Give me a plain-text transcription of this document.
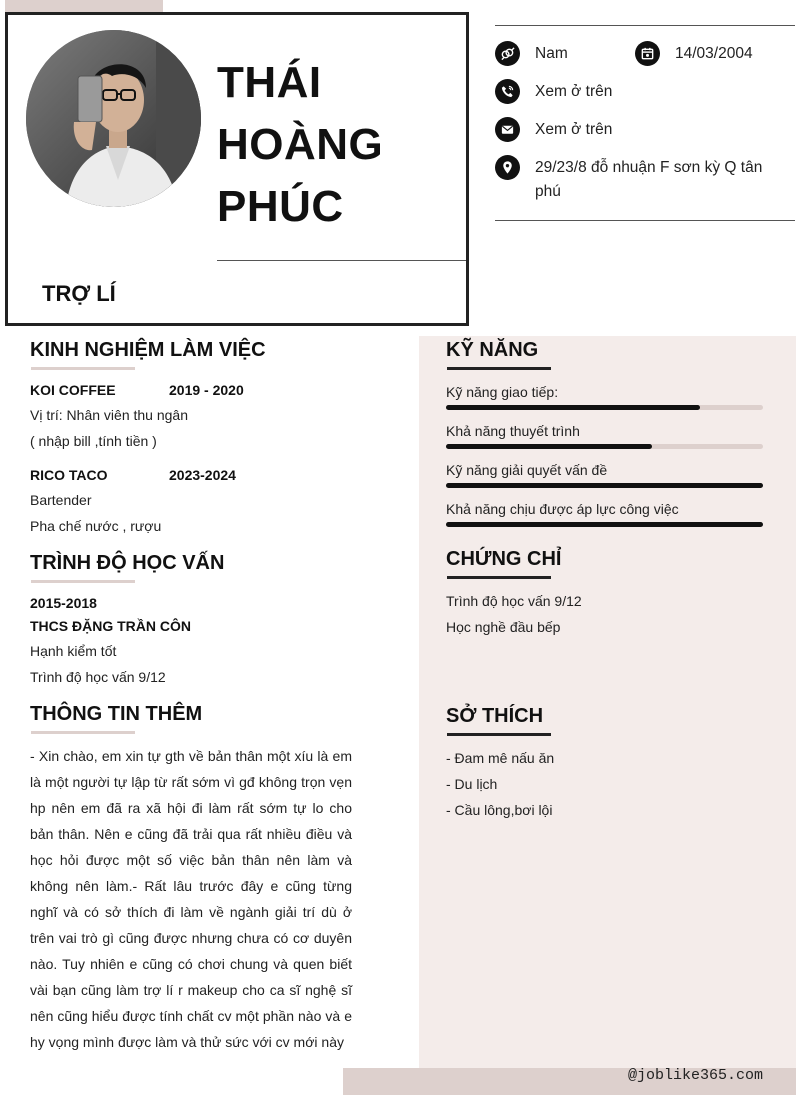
THÁI
HOÀNG
PHÚC
TRỢ LÍ
Nam	14/03/2004
Xem ở trên
Xem ở trên
29/23/8 đỗ nhuận F sơn kỳ Q tân
phú
@joblike365.com
KINH NGHIỆM LÀM VIỆC
KOI COFFEE	2019 - 2020
Vị trí: Nhân viên thu ngân
( nhập bill ,tính tiền )
RICO TACO	2023-2024
Bartender
Pha chế nước , rượu
TRÌNH ĐỘ HỌC VẤN
2015-2018
THCS ĐẶNG TRẦN CÔN
Hạnh kiểm tốt
Trình độ học vấn 9/12
THÔNG TIN THÊM
- Xin chào, em xin tự gth về bản thân một xíu là em là một người tự lập từ rất sớm vì gđ không trọn vẹn hp nên em đã ra xã hội đi làm rất sớm tự lo cho bản thân. Nên e cũng đã trải qua rất nhiều điều và học hỏi được một số việc bản thân nên làm và không nên làm.- Rất lâu trước đây e cũng từng nghĩ và có sở thích đi làm về ngành giải trí dù ở trên vai trò gì cũng được nhưng chưa có cơ duyên nào. Tuy nhiên e cũng có chơi chung và quen biết vài bạn cũng làm trợ lí r makeup cho ca sĩ nghệ sĩ nên cũng hiểu được tính chất cv một phần nào và e hy vọng mình được làm và thử sức với cv mới này
KỸ NĂNG
Kỹ năng giao tiếp:
Khả năng thuyết trình
Kỹ năng giải quyết vấn đề
Khả năng chịu được áp lực công việc
CHỨNG CHỈ
Trình độ học vấn 9/12
Học nghề đầu bếp
SỞ THÍCH
- Đam mê nấu ăn
- Du lịch
- Cầu lông,bơi lội
